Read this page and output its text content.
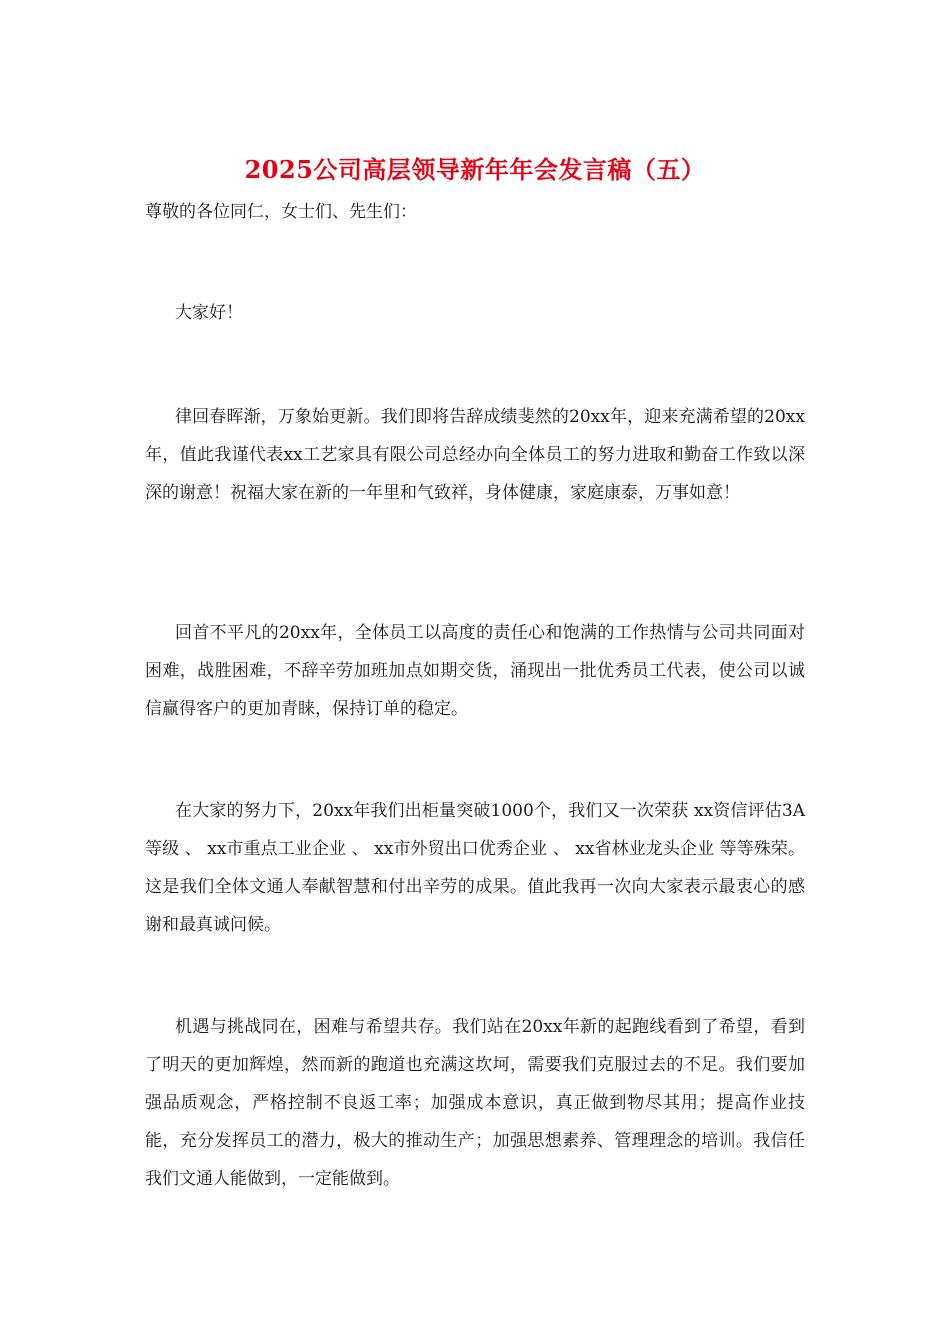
2025公司高层领导新年年会发言稿（五）
尊敬的各位同仁，女士们、先生们：

大家好！

律回春晖渐，万象始更新。我们即将告辞成绩斐然的20xx年，迎来充满希望的20xx年，值此我谨代表xx工艺家具有限公司总经办向全体员工的努力进取和勤奋工作致以深深的谢意！祝福大家在新的一年里和气致祥，身体健康，家庭康泰，万事如意！

回首不平凡的20xx年，全体员工以高度的责任心和饱满的工作热情与公司共同面对困难，战胜困难，不辞辛劳加班加点如期交货，涌现出一批优秀员工代表，使公司以诚信赢得客户的更加青睐，保持订单的稳定。

在大家的努力下，20xx年我们出柜量突破1000个，我们又一次荣获 xx资信评估3A等级 、 xx市重点工业企业 、 xx市外贸出口优秀企业 、 xx省林业龙头企业 等等殊荣。这是我们全体文通人奉献智慧和付出辛劳的成果。值此我再一次向大家表示最衷心的感谢和最真诚问候。

机遇与挑战同在，困难与希望共存。我们站在20xx年新的起跑线看到了希望，看到了明天的更加辉煌，然而新的跑道也充满这坎坷，需要我们克服过去的不足。我们要加强品质观念，严格控制不良返工率；加强成本意识，真正做到物尽其用；提高作业技能，充分发挥员工的潜力，极大的推动生产；加强思想素养、管理理念的培训。我信任我们文通人能做到，一定能做到。
